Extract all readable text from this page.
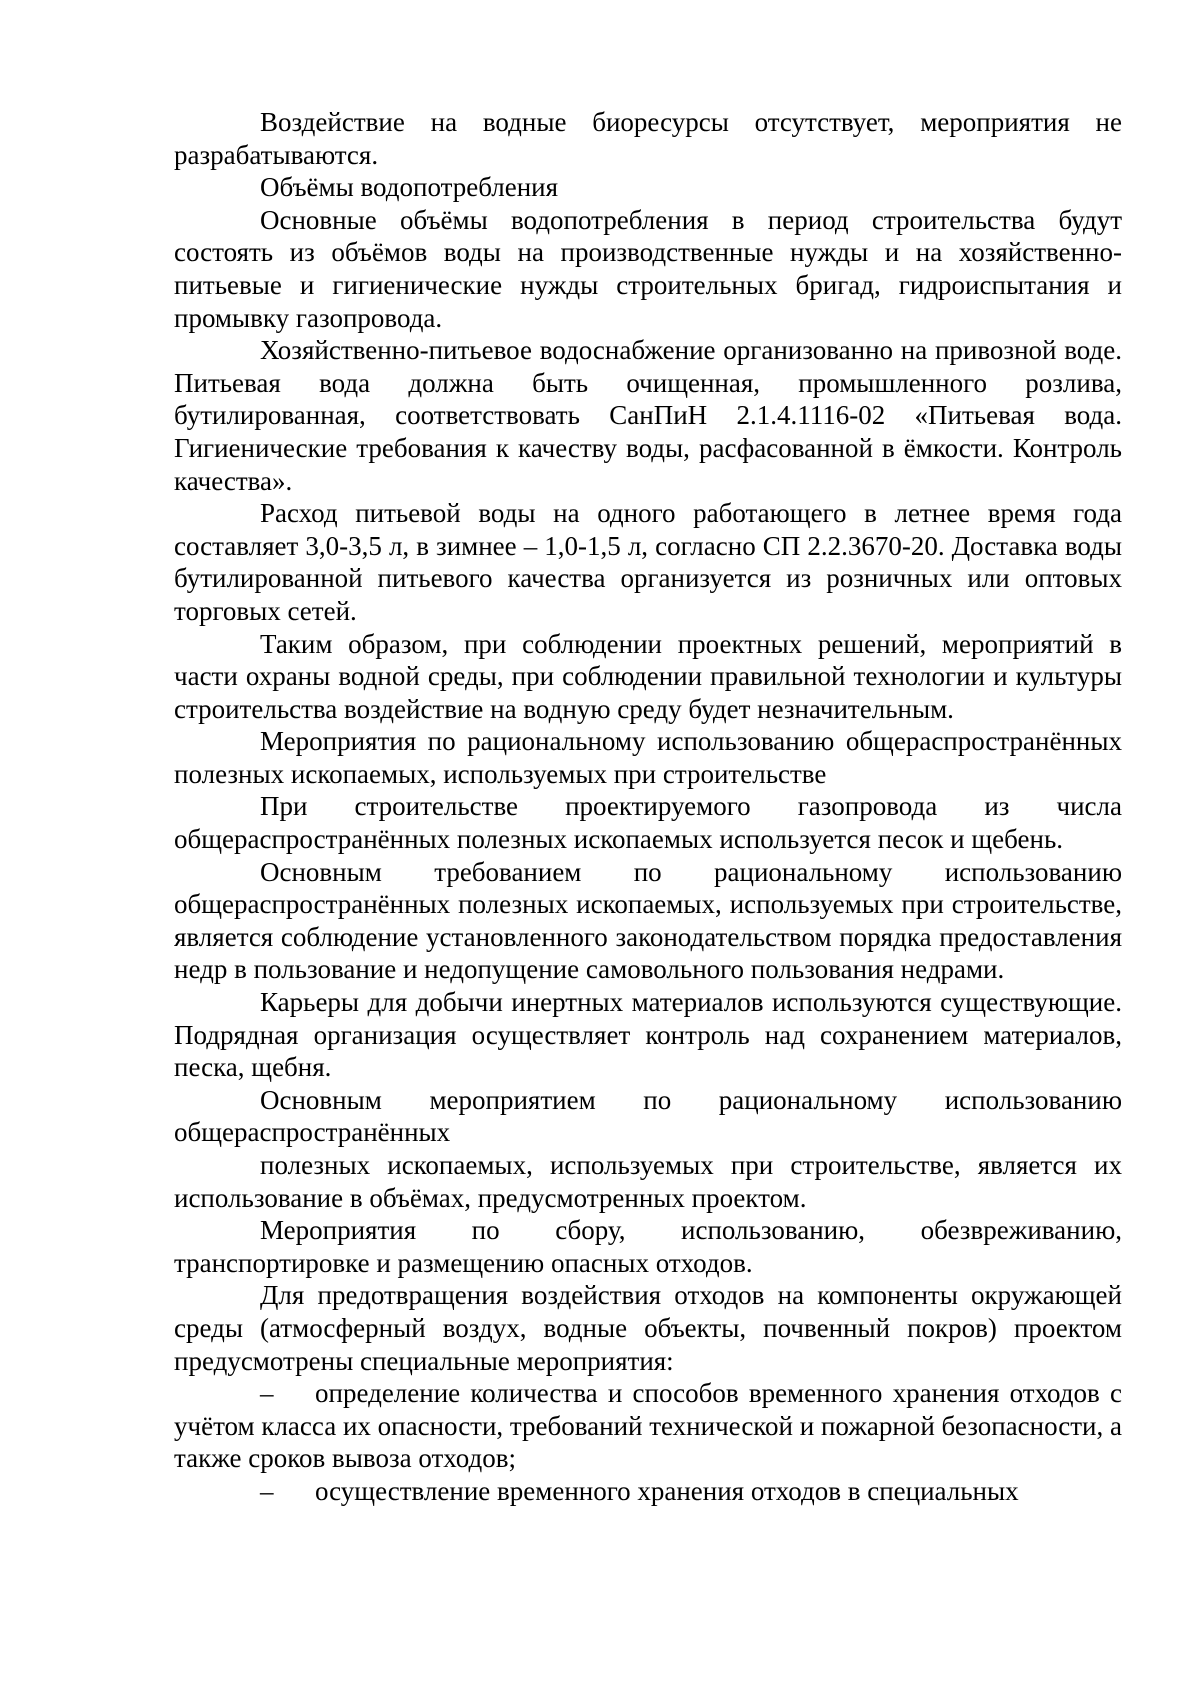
Воздействие на водные биоресурсы отсутствует, мероприятия не разрабатываются.

Объёмы водопотребления

Основные объёмы водопотребления в период строительства будут состоять из объёмов воды на производственные нужды и на хозяйственно-питьевые и гигиенические нужды строительных бригад, гидроиспытания и промывку газопровода.

Хозяйственно-питьевое водоснабжение организованно на привозной воде. Питьевая вода должна быть очищенная, промышленного розлива, бутилированная, соответствовать СанПиН 2.1.4.1116-02 «Питьевая вода. Гигиенические требования к качеству воды, расфасованной в ёмкости. Контроль качества».

Расход питьевой воды на одного работающего в летнее время года составляет 3,0-3,5 л, в зимнее – 1,0-1,5 л, согласно СП 2.2.3670-20. Доставка воды бутилированной питьевого качества организуется из розничных или оптовых торговых сетей.

Таким образом, при соблюдении проектных решений, мероприятий в части охраны водной среды, при соблюдении правильной технологии и культуры строительства воздействие на водную среду будет незначительным.

Мероприятия по рациональному использованию общераспространённых полезных ископаемых, используемых при строительстве

При строительстве проектируемого газопровода из числа общераспространённых полезных ископаемых используется песок и щебень.

Основным требованием по рациональному использованию общераспространённых полезных ископаемых, используемых при строительстве, является соблюдение установленного законодательством порядка предоставления недр в пользование и недопущение самовольного пользования недрами.

Карьеры для добычи инертных материалов используются существующие. Подрядная организация осуществляет контроль над сохранением материалов, песка, щебня.

Основным мероприятием по рациональному использованию общераспространённых

полезных ископаемых, используемых при строительстве, является их использование в объёмах, предусмотренных проектом.

Мероприятия по сбору, использованию, обезвреживанию, транспортировке и размещению опасных отходов.

Для предотвращения воздействия отходов на компоненты окружающей среды (атмосферный воздух, водные объекты, почвенный покров) проектом предусмотрены специальные мероприятия:

– определение количества и способов временного хранения отходов с учётом класса их опасности, требований технической и пожарной безопасности, а также сроков вывоза отходов;

– осуществление временного хранения отходов в специальных
